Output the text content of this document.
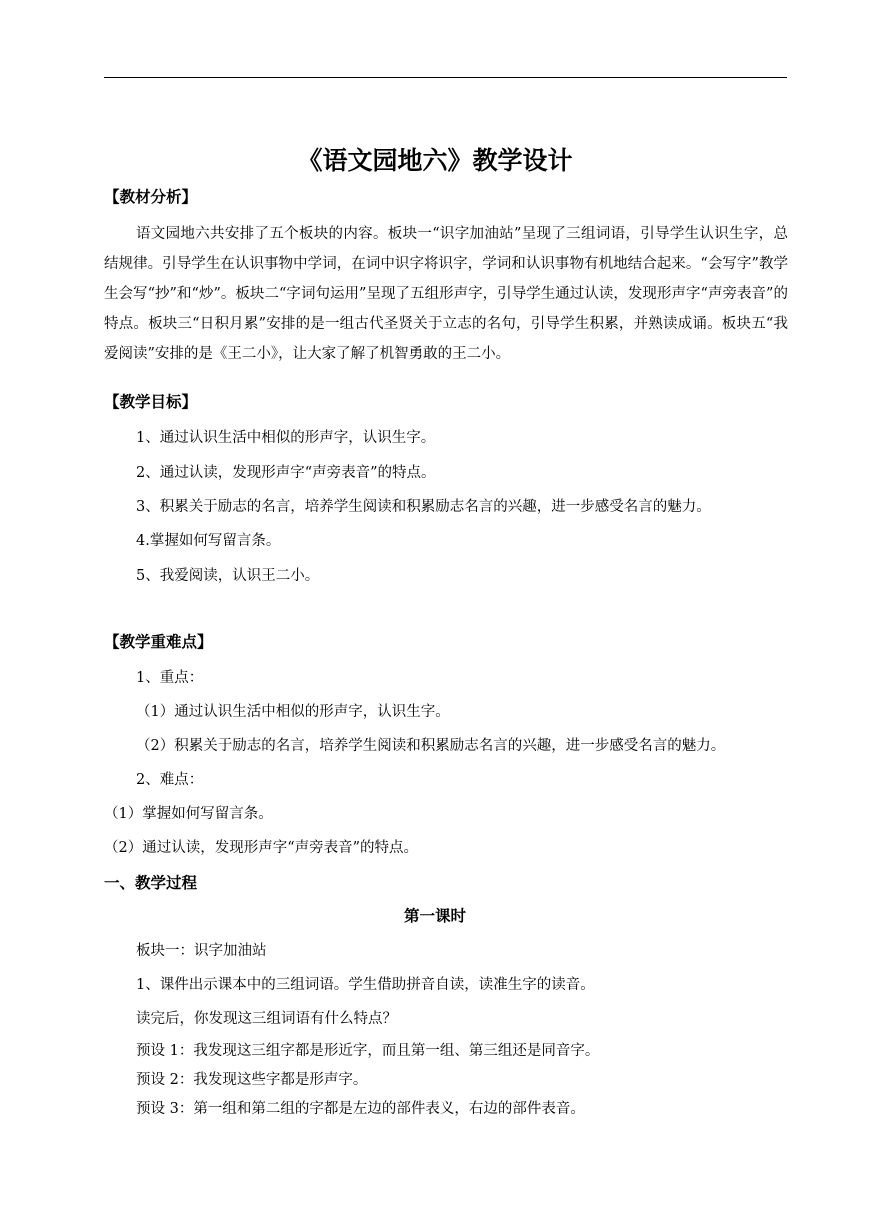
《语文园地六》教学设计
【教材分析】
语文园地六共安排了五个板块的内容。板块一“识字加油站”呈现了三组词语，引导学生认识生字，总结规律。引导学生在认识事物中学词，在词中识字将识字，学词和认识事物有机地结合起来。“会写字”教学生会写“抄”和“炒”。板块二“字词句运用”呈现了五组形声字，引导学生通过认读，发现形声字“声旁表音”的特点。板块三“日积月累”安排的是一组古代圣贤关于立志的名句，引导学生积累，并熟读成诵。板块五“我爱阅读”安排的是《王二小》，让大家了解了机智勇敢的王二小。
【教学目标】
1、通过认识生活中相似的形声字，认识生字。
2、通过认读，发现形声字“声旁表音”的特点。
3、积累关于励志的名言，培养学生阅读和积累励志名言的兴趣，进一步感受名言的魅力。
4.掌握如何写留言条。
5、我爱阅读，认识王二小。
【教学重难点】
1、重点：
（1）通过认识生活中相似的形声字，认识生字。
（2）积累关于励志的名言，培养学生阅读和积累励志名言的兴趣，进一步感受名言的魅力。
2、难点：
（1）掌握如何写留言条。
（2）通过认读，发现形声字“声旁表音”的特点。
一、教学过程
第一课时
板块一：识字加油站
1、课件出示课本中的三组词语。学生借助拼音自读，读准生字的读音。
读完后，你发现这三组词语有什么特点？
预设 1：我发现这三组字都是形近字，而且第一组、第三组还是同音字。
预设 2：我发现这些字都是形声字。
预设 3：第一组和第二组的字都是左边的部件表义，右边的部件表音。
